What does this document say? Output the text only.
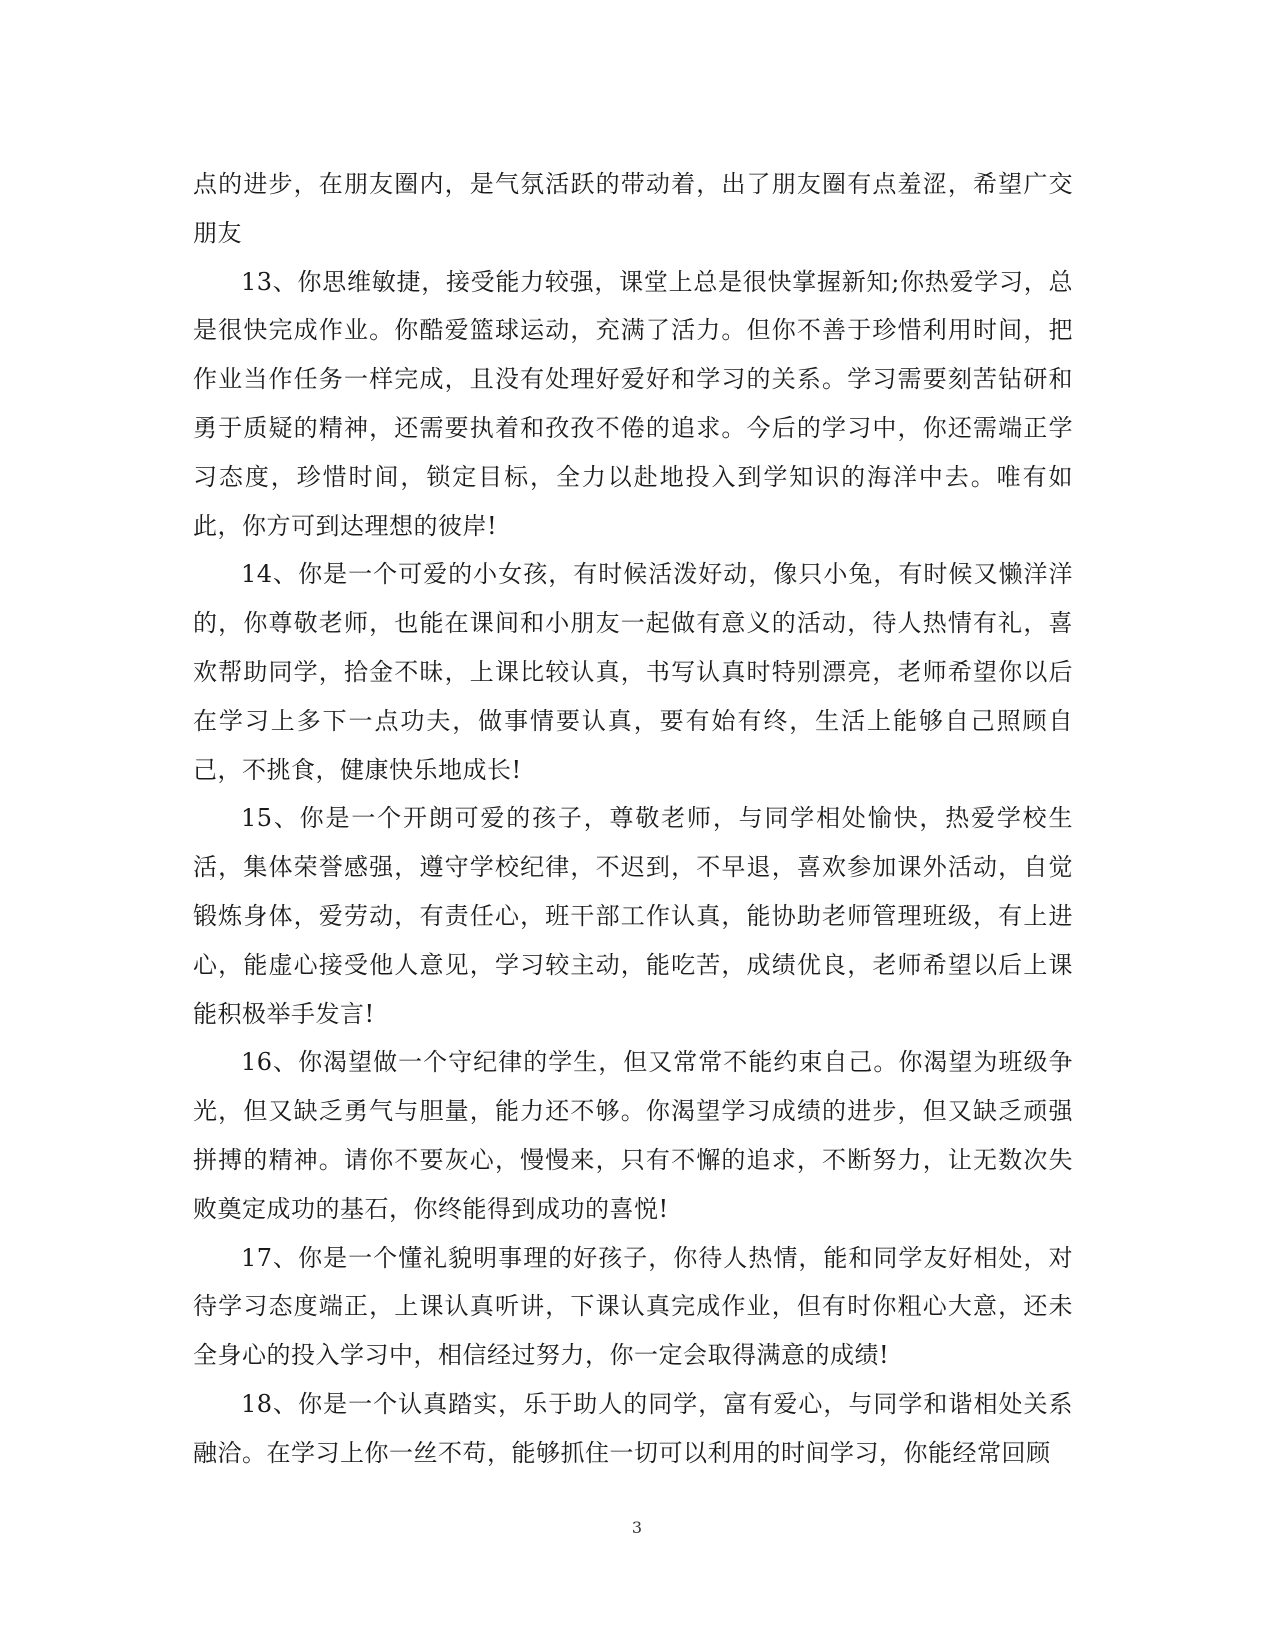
点的进步，在朋友圈内，是气氛活跃的带动着，出了朋友圈有点羞涩，希望广交朋友

13、你思维敏捷，接受能力较强，课堂上总是很快掌握新知;你热爱学习，总是很快完成作业。你酷爱篮球运动，充满了活力。但你不善于珍惜利用时间，把作业当作任务一样完成，且没有处理好爱好和学习的关系。学习需要刻苦钻研和勇于质疑的精神，还需要执着和孜孜不倦的追求。今后的学习中，你还需端正学习态度，珍惜时间，锁定目标，全力以赴地投入到学知识的海洋中去。唯有如此，你方可到达理想的彼岸!

14、你是一个可爱的小女孩，有时候活泼好动，像只小兔，有时候又懒洋洋的，你尊敬老师，也能在课间和小朋友一起做有意义的活动，待人热情有礼，喜欢帮助同学，拾金不昧，上课比较认真，书写认真时特别漂亮，老师希望你以后在学习上多下一点功夫，做事情要认真，要有始有终，生活上能够自己照顾自己，不挑食，健康快乐地成长!

15、你是一个开朗可爱的孩子，尊敬老师，与同学相处愉快，热爱学校生活，集体荣誉感强，遵守学校纪律，不迟到，不早退，喜欢参加课外活动，自觉锻炼身体，爱劳动，有责任心，班干部工作认真，能协助老师管理班级，有上进心，能虚心接受他人意见，学习较主动，能吃苦，成绩优良，老师希望以后上课能积极举手发言!

16、你渴望做一个守纪律的学生，但又常常不能约束自己。你渴望为班级争光，但又缺乏勇气与胆量，能力还不够。你渴望学习成绩的进步，但又缺乏顽强拼搏的精神。请你不要灰心，慢慢来，只有不懈的追求，不断努力，让无数次失败奠定成功的基石，你终能得到成功的喜悦!

17、你是一个懂礼貌明事理的好孩子，你待人热情，能和同学友好相处，对待学习态度端正，上课认真听讲，下课认真完成作业，但有时你粗心大意，还未全身心的投入学习中，相信经过努力，你一定会取得满意的成绩!

18、你是一个认真踏实，乐于助人的同学，富有爱心，与同学和谐相处关系融洽。在学习上你一丝不苟，能够抓住一切可以利用的时间学习，你能经常回顾

3
